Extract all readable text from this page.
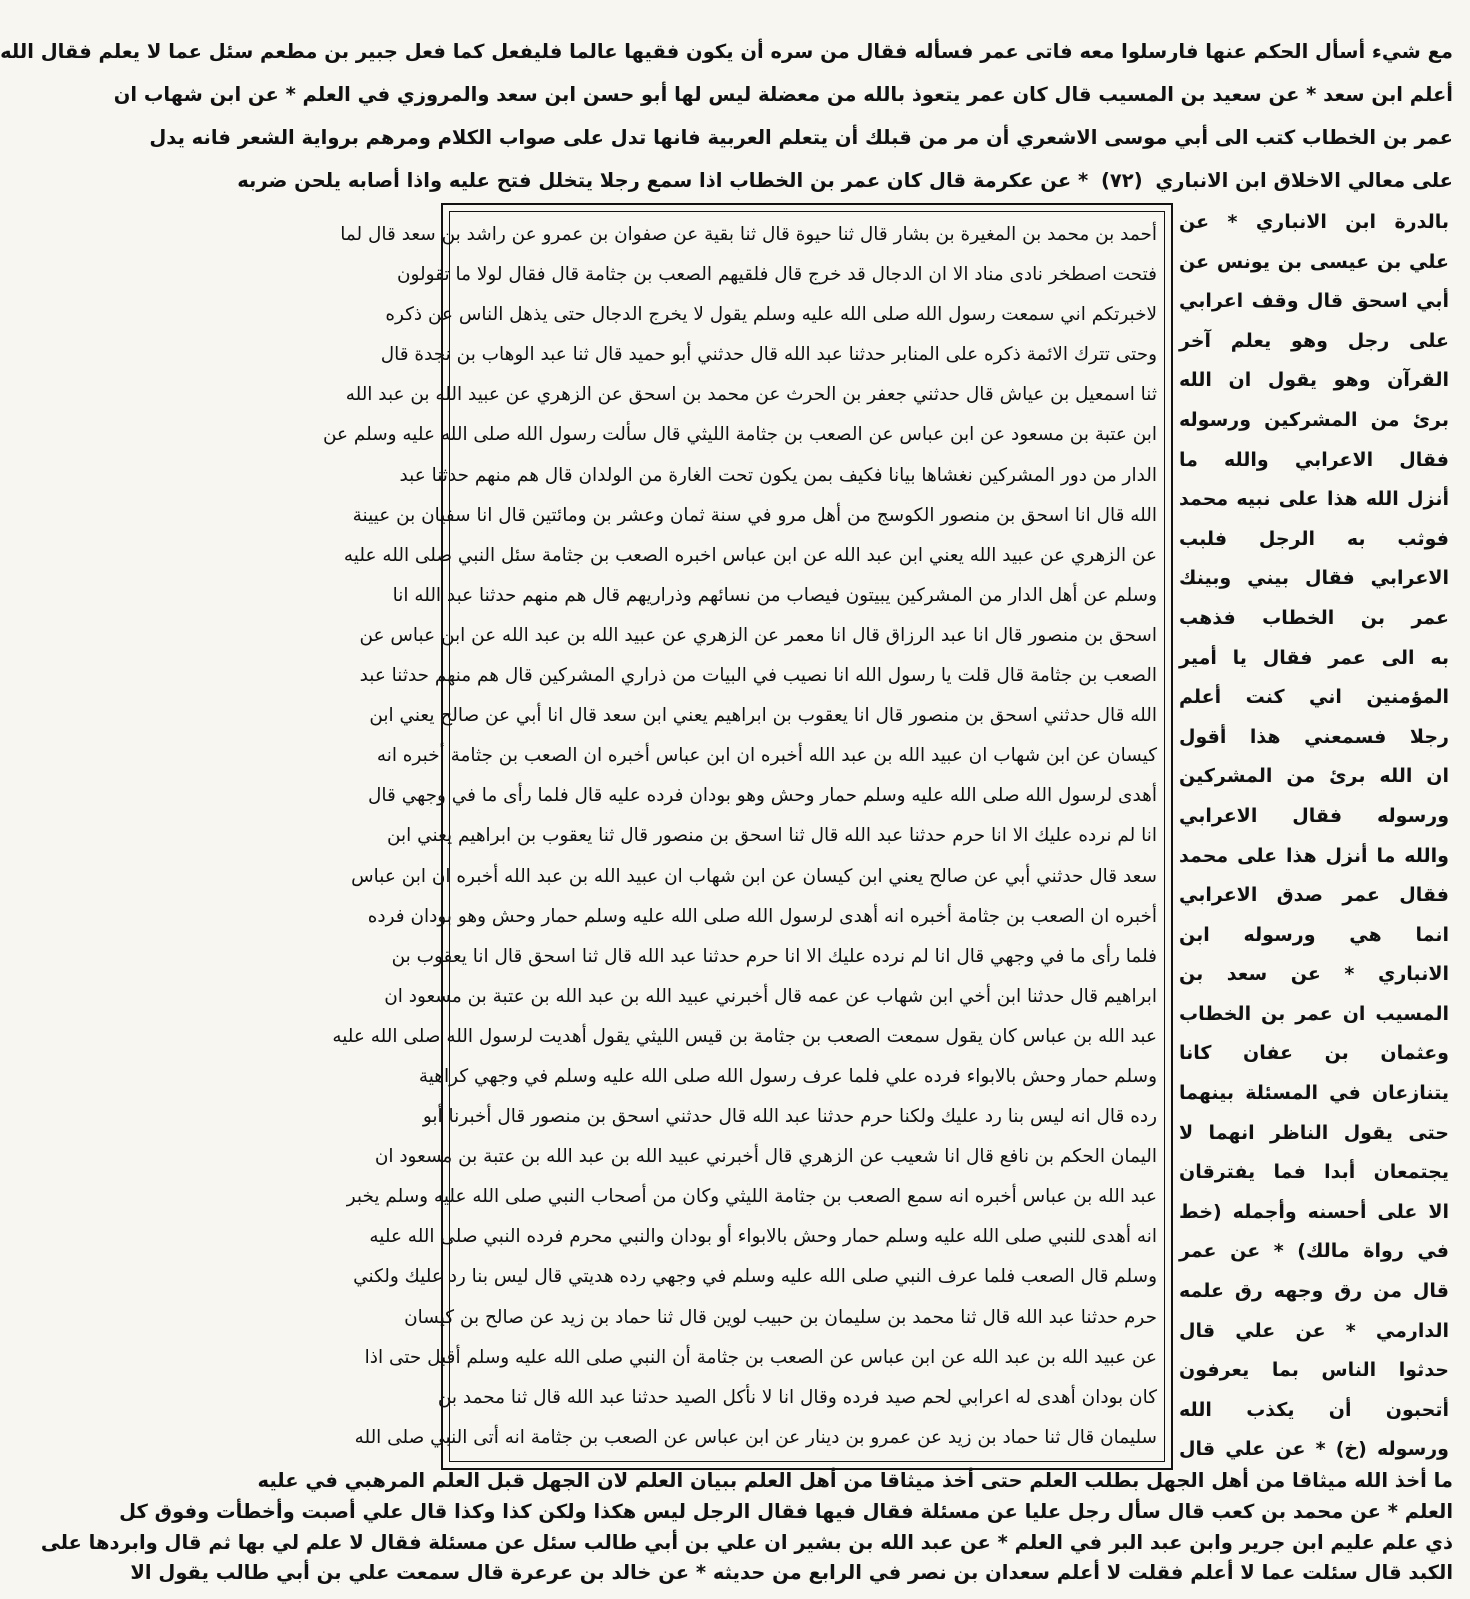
مع شيء أسأل الحكم عنها فارسلوا معه فاتى عمر فسأله فقال من سره أن يكون فقيها عالما فليفعل كما فعل جبير بن مطعم سئل عما لا يعلم فقال الله
أعلم ابن سعد * عن سعيد بن المسيب قال كان عمر يتعوذ بالله من معضلة ليس لها أبو حسن ابن سعد والمروزي في العلم * عن ابن شهاب ان
عمر بن الخطاب كتب الى أبي موسى الاشعري أن مر من قبلك أن يتعلم العربية فانها تدل على صواب الكلام ومرهم برواية الشعر فانه يدل
على معالي الاخلاق ابن الانباري (٧٢) * عن عكرمة قال كان عمر بن الخطاب اذا سمع رجلا يتخلل فتح عليه واذا أصابه يلحن ضربه
بالدرة ابن الانباري * عن
علي بن عيسى بن يونس عن
أبي اسحق قال وقف اعرابي
على رجل وهو يعلم آخر
القرآن وهو يقول ان الله
برئ من المشركين ورسوله
فقال الاعرابي والله ما
أنزل الله هذا على نبيه محمد
فوثب به الرجل فلبب
الاعرابي فقال بيني وبينك
عمر بن الخطاب فذهب
به الى عمر فقال يا أمير
المؤمنين اني كنت أعلم
رجلا فسمعني هذا أقول
ان الله برئ من المشركين
ورسوله فقال الاعرابي
والله ما أنزل هذا على محمد
فقال عمر صدق الاعرابي
انما هي ورسوله ابن
الانباري * عن سعد بن
المسيب ان عمر بن الخطاب
وعثمان بن عفان كانا
يتنازعان في المسئلة بينهما
حتى يقول الناظر انهما لا
يجتمعان أبدا فما يفترقان
الا على أحسنه وأجمله (خط
في رواة مالك) * عن عمر
قال من رق وجهه رق علمه
الدارمي * عن علي قال
حدثوا الناس بما يعرفون
أتحبون أن يكذب الله
ورسوله (خ) * عن علي قال
أحمد بن محمد بن المغيرة بن بشار قال ثنا حيوة قال ثنا بقية عن صفوان بن عمرو عن راشد بن سعد قال لما
فتحت اصطخر نادى مناد الا ان الدجال قد خرج قال فلقيهم الصعب بن جثامة قال فقال لولا ما تقولون
لاخبرتكم اني سمعت رسول الله صلى الله عليه وسلم يقول لا يخرج الدجال حتى يذهل الناس عن ذكره
وحتى تترك الائمة ذكره على المنابر حدثنا عبد الله قال حدثني أبو حميد قال ثنا عبد الوهاب بن نجدة قال
ثنا اسمعيل بن عياش قال حدثني جعفر بن الحرث عن محمد بن اسحق عن الزهري عن عبيد الله بن عبد الله
ابن عتبة بن مسعود عن ابن عباس عن الصعب بن جثامة الليثي قال سألت رسول الله صلى الله عليه وسلم عن
الدار من دور المشركين نغشاها بيانا فكيف بمن يكون تحت الغارة من الولدان قال هم منهم حدثنا عبد
الله قال انا اسحق بن منصور الكوسج من أهل مرو في سنة ثمان وعشر بن ومائتين قال انا سفيان بن عيينة
عن الزهري عن عبيد الله يعني ابن عبد الله عن ابن عباس اخبره الصعب بن جثامة سئل النبي صلى الله عليه
وسلم عن أهل الدار من المشركين يبيتون فيصاب من نسائهم وذراريهم قال هم منهم حدثنا عبد الله انا
اسحق بن منصور قال انا عبد الرزاق قال انا معمر عن الزهري عن عبيد الله بن عبد الله عن ابن عباس عن
الصعب بن جثامة قال قلت يا رسول الله انا نصيب في البيات من ذراري المشركين قال هم منهم حدثنا عبد
الله قال حدثني اسحق بن منصور قال انا يعقوب بن ابراهيم يعني ابن سعد قال انا أبي عن صالح يعني ابن
كيسان عن ابن شهاب ان عبيد الله بن عبد الله أخبره ان ابن عباس أخبره ان الصعب بن جثامة أخبره انه
أهدى لرسول الله صلى الله عليه وسلم حمار وحش وهو بودان فرده عليه قال فلما رأى ما في وجهي قال
انا لم نرده عليك الا انا حرم حدثنا عبد الله قال ثنا اسحق بن منصور قال ثنا يعقوب بن ابراهيم يعني ابن
سعد قال حدثني أبي عن صالح يعني ابن كيسان عن ابن شهاب ان عبيد الله بن عبد الله أخبره ان ابن عباس
أخبره ان الصعب بن جثامة أخبره انه أهدى لرسول الله صلى الله عليه وسلم حمار وحش وهو بودان فرده
فلما رأى ما في وجهي قال انا لم نرده عليك الا انا حرم حدثنا عبد الله قال ثنا اسحق قال انا يعقوب بن
ابراهيم قال حدثنا ابن أخي ابن شهاب عن عمه قال أخبرني عبيد الله بن عبد الله بن عتبة بن مسعود ان
عبد الله بن عباس كان يقول سمعت الصعب بن جثامة بن قيس الليثي يقول أهديت لرسول الله صلى الله عليه
وسلم حمار وحش بالابواء فرده علي فلما عرف رسول الله صلى الله عليه وسلم في وجهي كراهية
رده قال انه ليس بنا رد عليك ولكنا حرم حدثنا عبد الله قال حدثني اسحق بن منصور قال أخبرنا أبو
اليمان الحكم بن نافع قال انا شعيب عن الزهري قال أخبرني عبيد الله بن عبد الله بن عتبة بن مسعود ان
عبد الله بن عباس أخبره انه سمع الصعب بن جثامة الليثي وكان من أصحاب النبي صلى الله عليه وسلم يخبر
انه أهدى للنبي صلى الله عليه وسلم حمار وحش بالابواء أو بودان والنبي محرم فرده النبي صلى الله عليه
وسلم قال الصعب فلما عرف النبي صلى الله عليه وسلم في وجهي رده هديتي قال ليس بنا رد عليك ولكني
حرم حدثنا عبد الله قال ثنا محمد بن سليمان بن حبيب لوين قال ثنا حماد بن زيد عن صالح بن كيسان
عن عبيد الله بن عبد الله عن ابن عباس عن الصعب بن جثامة أن النبي صلى الله عليه وسلم أقبل حتى اذا
كان بودان أهدى له اعرابي لحم صيد فرده وقال انا لا نأكل الصيد حدثنا عبد الله قال ثنا محمد بن
سليمان قال ثنا حماد بن زيد عن عمرو بن دينار عن ابن عباس عن الصعب بن جثامة انه أتى النبي صلى الله
ما أخذ الله ميثاقا من أهل الجهل بطلب العلم حتى أخذ ميثاقا من أهل العلم ببيان العلم لان الجهل قبل العلم المرهبي في عليه
العلم * عن محمد بن كعب قال سأل رجل عليا عن مسئلة فقال فيها فقال الرجل ليس هكذا ولكن كذا وكذا قال علي أصبت وأخطأت وفوق كل
ذي علم عليم ابن جرير وابن عبد البر في العلم * عن عبد الله بن بشير ان علي بن أبي طالب سئل عن مسئلة فقال لا علم لي بها ثم قال وابردها على
الكبد قال سئلت عما لا أعلم فقلت لا أعلم سعدان بن نصر في الرابع من حديثه * عن خالد بن عرعرة قال سمعت علي بن أبي طالب يقول الا
